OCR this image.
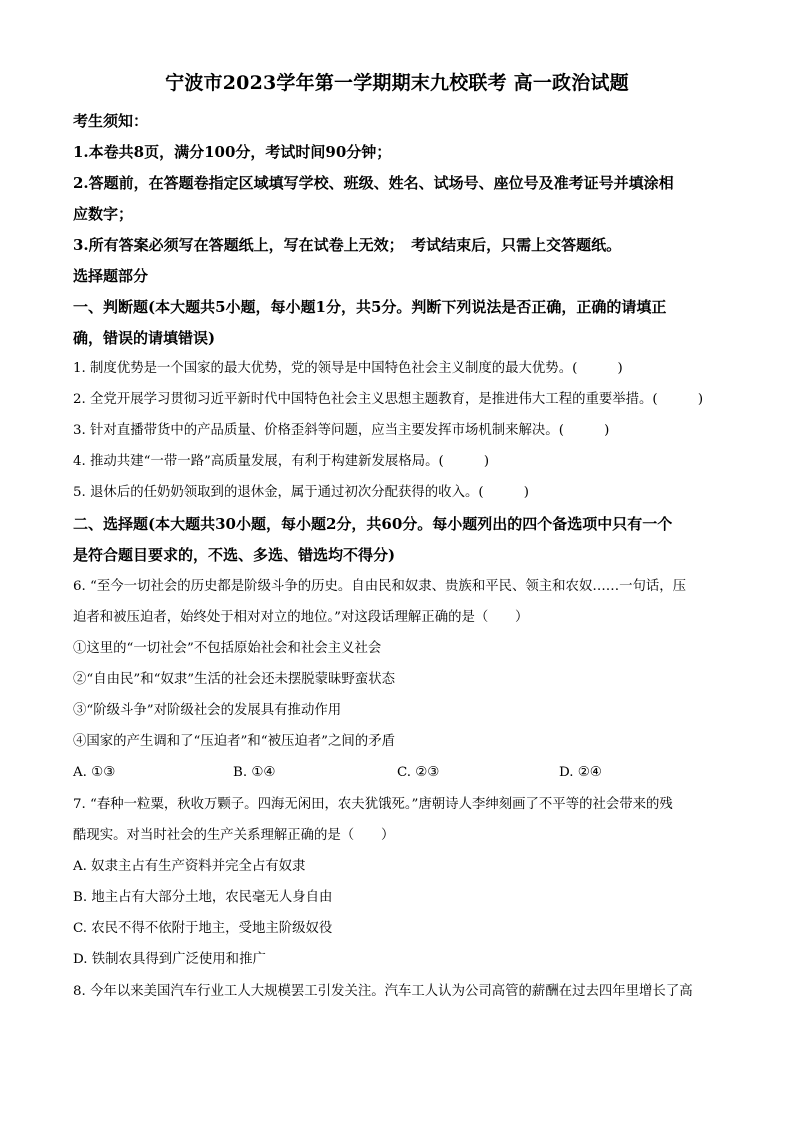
宁波市2023学年第一学期期末九校联考 高一政治试题
考生须知：
1.本卷共8页，满分100分，考试时间90分钟；
2.答题前，在答题卷指定区域填写学校、班级、姓名、试场号、座位号及准考证号并填涂相
应数字；
3.所有答案必须写在答题纸上，写在试卷上无效；　考试结束后，只需上交答题纸。
选择题部分
一、判断题(本大题共5小题，每小题1分，共5分。判断下列说法是否正确，正确的请填正
确，错误的请填错误)
1. 制度优势是一个国家的最大优势，党的领导是中国特色社会主义制度的最大优势。(　　　)
2. 全党开展学习贯彻习近平新时代中国特色社会主义思想主题教育，是推进伟大工程的重要举措。(　　　)
3. 针对直播带货中的产品质量、价格歪斜等问题，应当主要发挥市场机制来解决。(　　　)
4. 推动共建“一带一路”高质量发展，有利于构建新发展格局。(　　　)
5. 退休后的任奶奶领取到的退休金，属于通过初次分配获得的收入。(　　　)
二、选择题(本大题共30小题，每小题2分，共60分。每小题列出的四个备选项中只有一个
是符合题目要求的，不选、多选、错选均不得分)
6. “至今一切社会的历史都是阶级斗争的历史。自由民和奴隶、贵族和平民、领主和农奴……一句话，压
迫者和被压迫者，始终处于相对对立的地位。”对这段话理解正确的是（　　）
①这里的“一切社会”不包括原始社会和社会主义社会
②“自由民”和“奴隶”生活的社会还未摆脱蒙昧野蛮状态
③“阶级斗争”对阶级社会的发展具有推动作用
④国家的产生调和了“压迫者”和“被压迫者”之间的矛盾
A. ①③	B. ①④	C. ②③	D. ②④
7. “春种一粒粟，秋收万颗子。四海无闲田，农夫犹饿死。”唐朝诗人李绅刻画了不平等的社会带来的残
酷现实。对当时社会的生产关系理解正确的是（　　）
A. 奴隶主占有生产资料并完全占有奴隶
B. 地主占有大部分土地，农民毫无人身自由
C. 农民不得不依附于地主，受地主阶级奴役
D. 铁制农具得到广泛使用和推广
8. 今年以来美国汽车行业工人大规模罢工引发关注。汽车工人认为公司高管的薪酬在过去四年里增长了高
